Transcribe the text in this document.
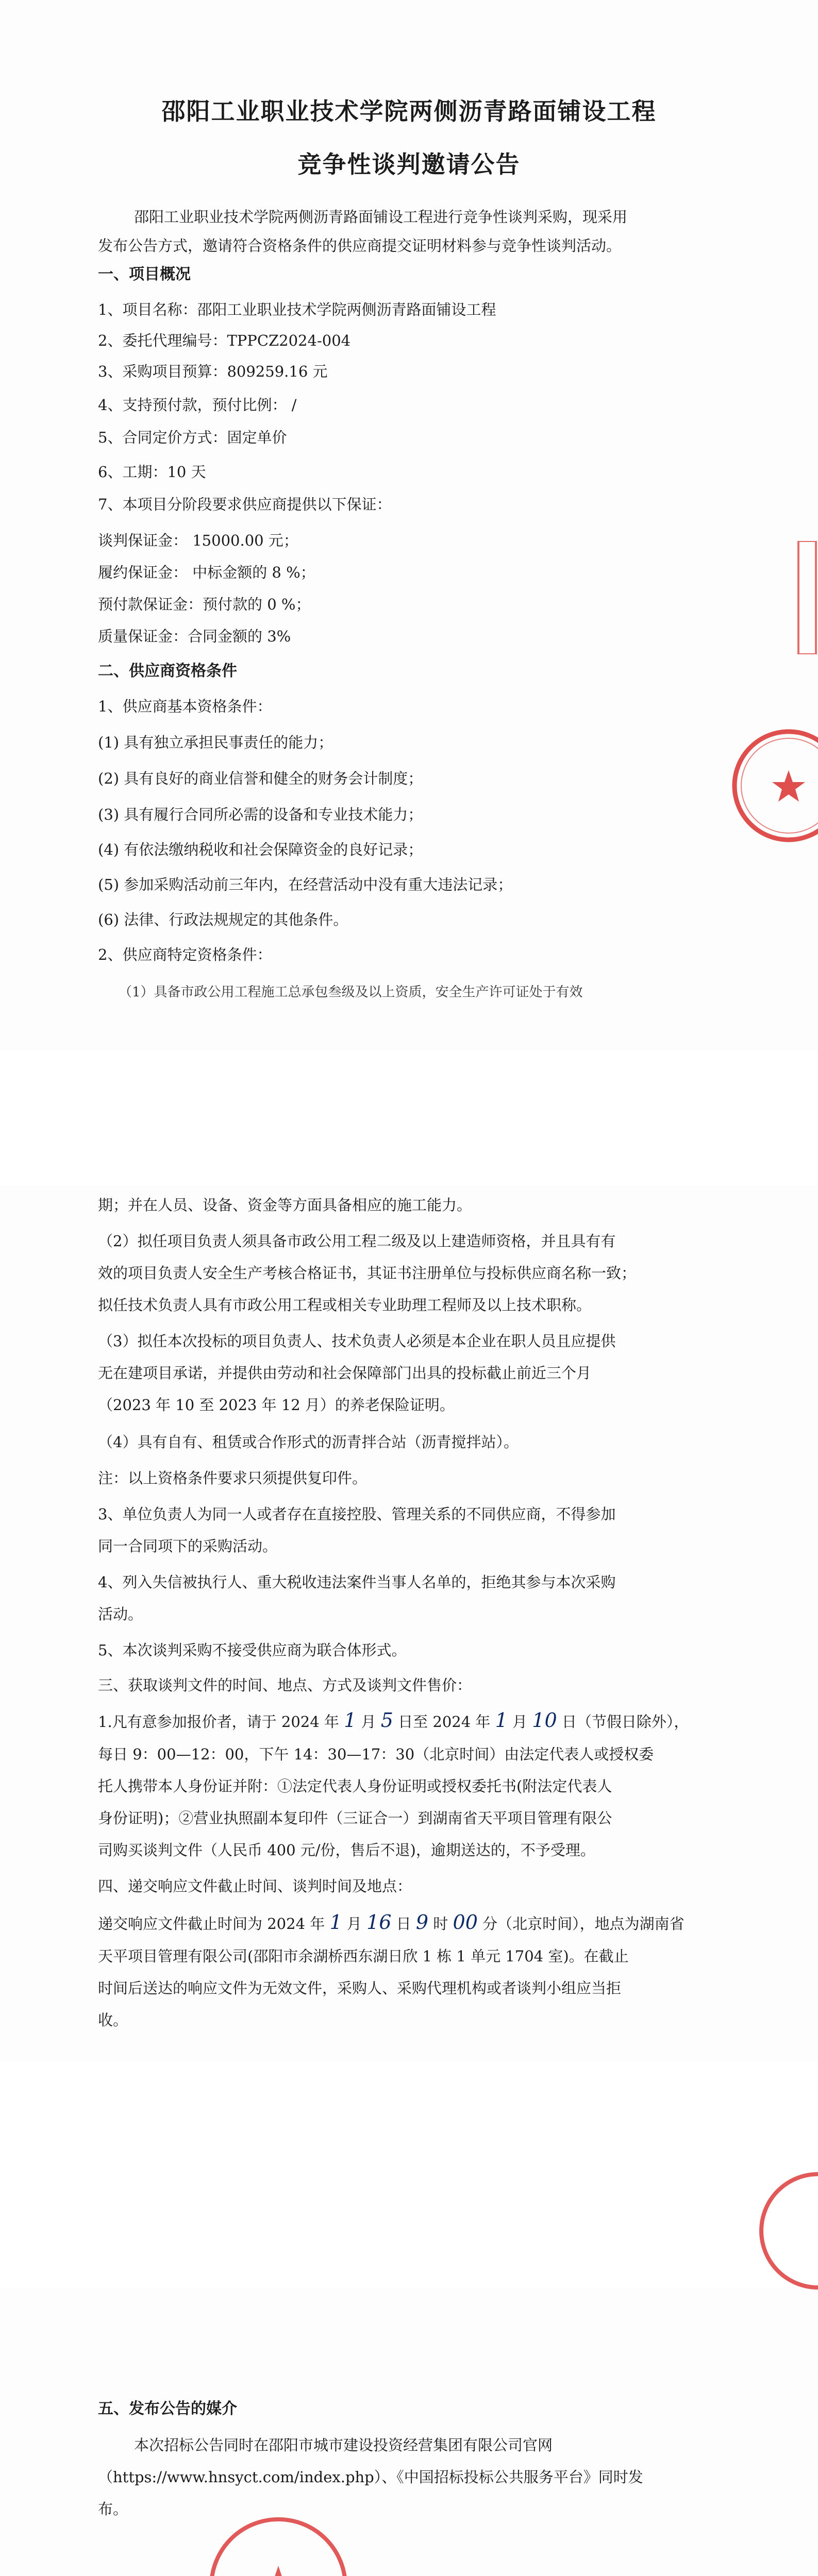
邵阳工业职业技术学院两侧沥青路面铺设工程
竞争性谈判邀请公告
邵阳工业职业技术学院两侧沥青路面铺设工程进行竞争性谈判采购，现采用
发布公告方式，邀请符合资格条件的供应商提交证明材料参与竞争性谈判活动。
一、项目概况
1、项目名称：邵阳工业职业技术学院两侧沥青路面铺设工程
2、委托代理编号：TPPCZ2024-004
3、采购项目预算：809259.16 元
4、支持预付款，预付比例： /
5、合同定价方式：固定单价
6、工期：10 天
7、本项目分阶段要求供应商提供以下保证：
谈判保证金： 15000.00 元；
履约保证金： 中标金额的 8 %；
预付款保证金：预付款的 0 %；
质量保证金：合同金额的 3%
二、供应商资格条件
1、供应商基本资格条件：
(1) 具有独立承担民事责任的能力；
(2) 具有良好的商业信誉和健全的财务会计制度；
(3) 具有履行合同所必需的设备和专业技术能力；
(4) 有依法缴纳税收和社会保障资金的良好记录；
(5) 参加采购活动前三年内，在经营活动中没有重大违法记录；
(6) 法律、行政法规规定的其他条件。
2、供应商特定资格条件：
（1）具备市政公用工程施工总承包叁级及以上资质，安全生产许可证处于有效
期；并在人员、设备、资金等方面具备相应的施工能力。
（2）拟任项目负责人须具备市政公用工程二级及以上建造师资格，并且具有有
效的项目负责人安全生产考核合格证书，其证书注册单位与投标供应商名称一致；
拟任技术负责人具有市政公用工程或相关专业助理工程师及以上技术职称。
（3）拟任本次投标的项目负责人、技术负责人必须是本企业在职人员且应提供
无在建项目承诺，并提供由劳动和社会保障部门出具的投标截止前近三个月
（2023 年 10 至 2023 年 12 月）的养老保险证明。
（4）具有自有、租赁或合作形式的沥青拌合站（沥青搅拌站）。
注：以上资格条件要求只须提供复印件。
3、单位负责人为同一人或者存在直接控股、管理关系的不同供应商，不得参加
同一合同项下的采购活动。
4、列入失信被执行人、重大税收违法案件当事人名单的，拒绝其参与本次采购
活动。
5、本次谈判采购不接受供应商为联合体形式。
三、获取谈判文件的时间、地点、方式及谈判文件售价：
1.凡有意参加报价者，请于 2024 年 1 月 5 日至 2024 年 1 月 10 日（节假日除外），
每日 9：00—12：00，下午 14：30—17：30（北京时间）由法定代表人或授权委
托人携带本人身份证并附：①法定代表人身份证明或授权委托书(附法定代表人
身份证明)；②营业执照副本复印件（三证合一）到湖南省天平项目管理有限公
司购买谈判文件（人民币 400 元/份，售后不退)，逾期送达的，不予受理。
四、递交响应文件截止时间、谈判时间及地点：
递交响应文件截止时间为 2024 年 1 月 16 日 9 时 00 分（北京时间），地点为湖南省
天平项目管理有限公司(邵阳市余湖桥西东湖日欣 1 栋 1 单元 1704 室)。在截止
时间后送达的响应文件为无效文件，采购人、采购代理机构或者谈判小组应当拒
收。
五、发布公告的媒介
本次招标公告同时在邵阳市城市建设投资经营集团有限公司官网
（https://www.hnsyct.com/index.php）、《中国招标投标公共服务平台》同时发
布。
